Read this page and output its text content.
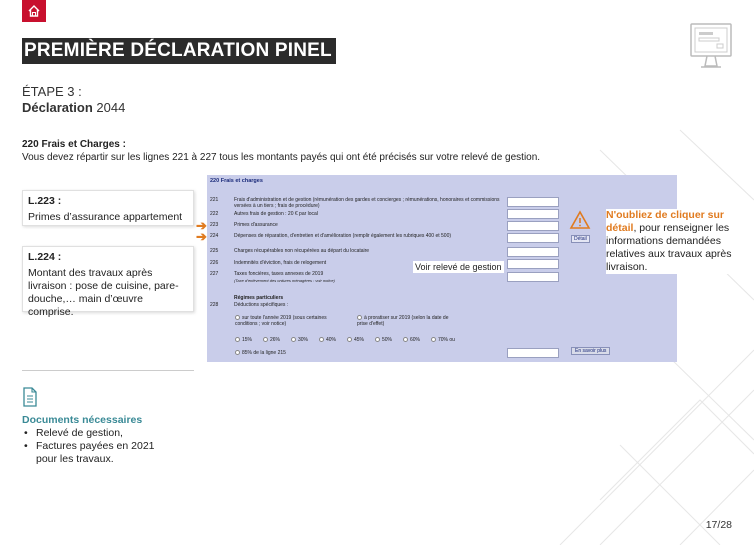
PREMIÈRE DÉCLARATION PINEL
ÉTAPE 3 :
Déclaration 2044
220 Frais et Charges :
Vous devez répartir sur les lignes 221 à 227 tous les montants payés qui ont été précisés sur votre relevé de gestion.
L.223 :
Primes d’assurance appartement
L.224 :
Montant des travaux après livraison : pose de cuisine, pare-douche,… main d’œuvre comprise.
➔
➔
220 Frais et charges
221	Frais d'administration et de gestion (rémunération des gardes et concierges ; rémunérations, honoraires et commissions versées à un tiers ; frais de procédure)
222	Autres frais de gestion : 20 € par local
223	Primes d'assurance
224	Dépenses de réparation, d'entretien et d'amélioration (remplir également les rubriques 400 et 500)
225	Charges récupérables non récupérées au départ du locataire
226	Indemnités d'éviction, frais de relogement
227	Taxes foncières, taxes annexes de 2019
(Taxe d'enlèvement des ordures ménagères : voir notice)
Voir relevé de gestion
Détail
Régimes particuliers
228	Déductions spécifiques :
sur toute l'année 2019 (sous certaines conditions ; voir notice)
à proratiser sur 2019 (selon la date de prise d'effet)
15%	26%	30%	40%	45%	50%	60%	70% ou
85% de la ligne 215	En savoir plus
N'oubliez de cliquer sur détail, pour renseigner les informations demandées relatives aux travaux après livraison.
Documents nécessaires
• Relevé de gestion,
• Factures payées en 2021 pour les travaux.
17/28
